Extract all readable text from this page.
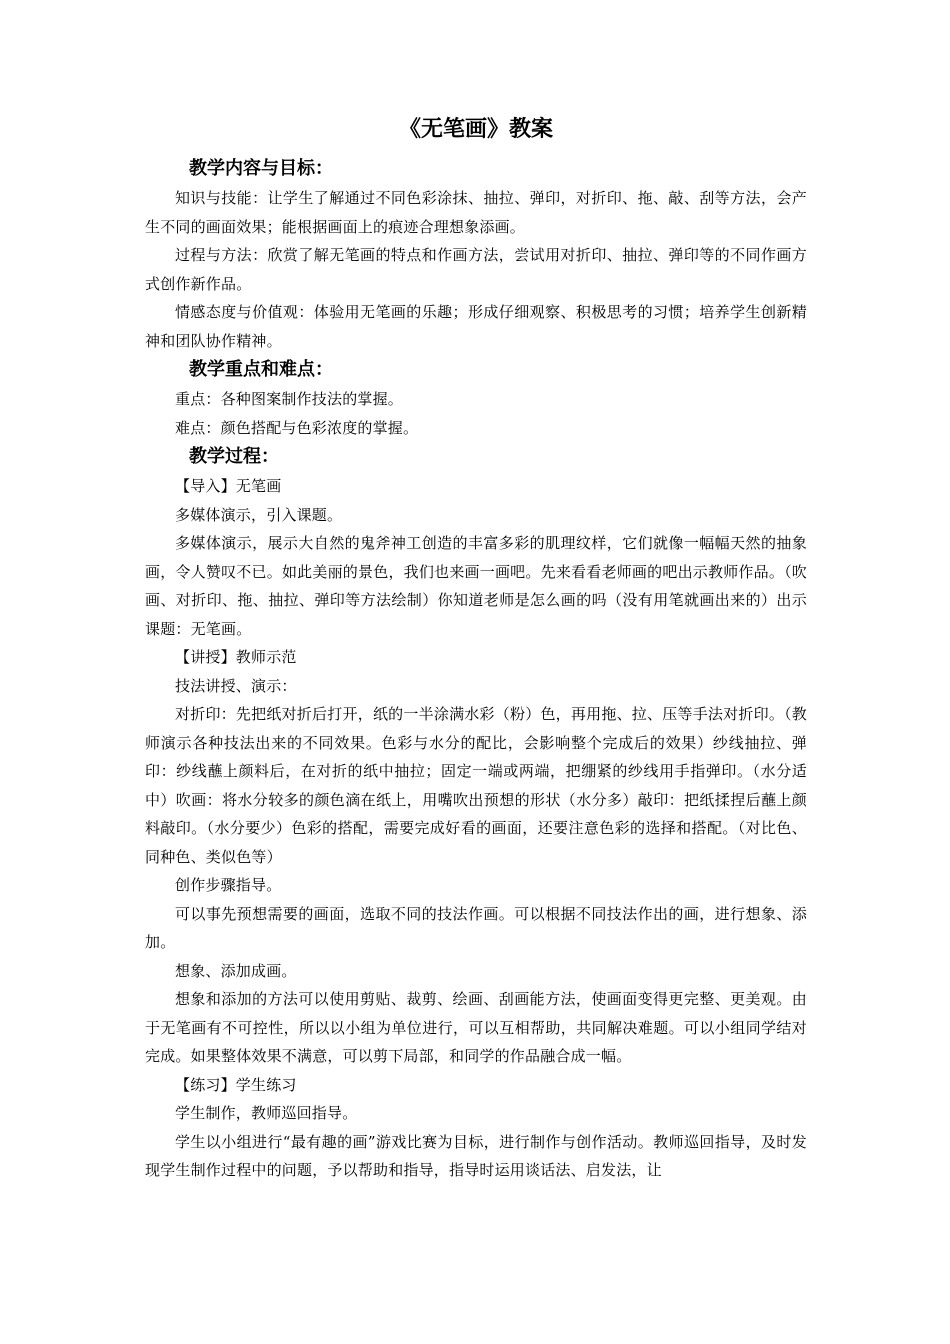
《无笔画》教案
教学内容与目标：

知识与技能：让学生了解通过不同色彩涂抹、抽拉、弹印，对折印、拖、敲、刮等方法，会产生不同的画面效果；能根据画面上的痕迹合理想象添画。

过程与方法：欣赏了解无笔画的特点和作画方法，尝试用对折印、抽拉、弹印等的不同作画方式创作新作品。

情感态度与价值观：体验用无笔画的乐趣；形成仔细观察、积极思考的习惯；培养学生创新精神和团队协作精神。

教学重点和难点：

重点：各种图案制作技法的掌握。

难点：颜色搭配与色彩浓度的掌握。

教学过程：

【导入】无笔画

多媒体演示，引入课题。

多媒体演示，展示大自然的鬼斧神工创造的丰富多彩的肌理纹样，它们就像一幅幅天然的抽象画，令人赞叹不已。如此美丽的景色，我们也来画一画吧。先来看看老师画的吧出示教师作品。（吹画、对折印、拖、抽拉、弹印等方法绘制）你知道老师是怎么画的吗（没有用笔就画出来的）出示课题：无笔画。

【讲授】教师示范

技法讲授、演示：

对折印：先把纸对折后打开，纸的一半涂满水彩（粉）色，再用拖、拉、压等手法对折印。（教师演示各种技法出来的不同效果。色彩与水分的配比，会影响整个完成后的效果）纱线抽拉、弹印：纱线蘸上颜料后，在对折的纸中抽拉；固定一端或两端，把绷紧的纱线用手指弹印。（水分适中）吹画：将水分较多的颜色滴在纸上，用嘴吹出预想的形状（水分多）敲印：把纸揉捏后蘸上颜料敲印。（水分要少）色彩的搭配，需要完成好看的画面，还要注意色彩的选择和搭配。（对比色、同种色、类似色等）

创作步骤指导。

可以事先预想需要的画面，选取不同的技法作画。可以根据不同技法作出的画，进行想象、添加。

想象、添加成画。

想象和添加的方法可以使用剪贴、裁剪、绘画、刮画能方法，使画面变得更完整、更美观。由于无笔画有不可控性，所以以小组为单位进行，可以互相帮助，共同解决难题。可以小组同学结对完成。如果整体效果不满意，可以剪下局部，和同学的作品融合成一幅。

【练习】学生练习

学生制作，教师巡回指导。

学生以小组进行“最有趣的画”游戏比赛为目标，进行制作与创作活动。教师巡回指导，及时发现学生制作过程中的问题，予以帮助和指导，指导时运用谈话法、启发法，让
